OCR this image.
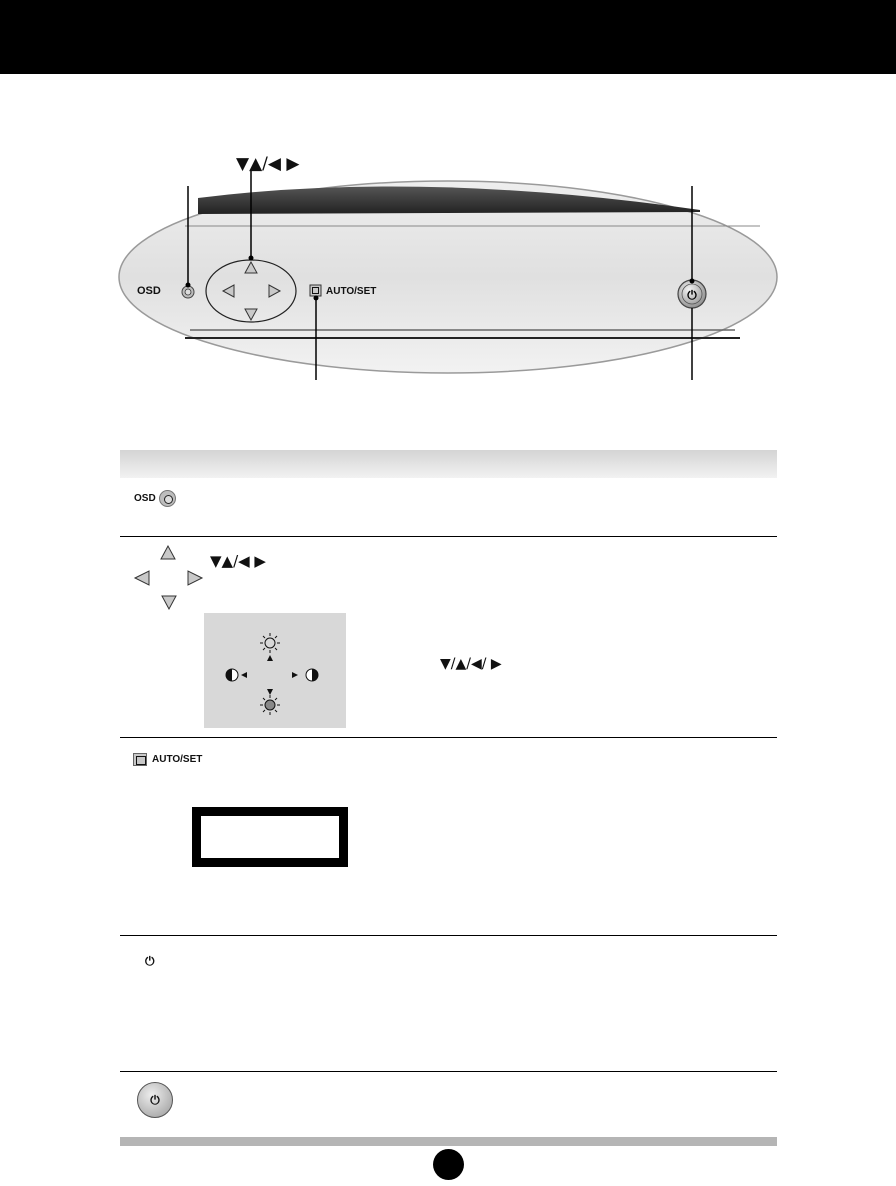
⏻
▼▲/◀ ▶
OSD	AUTO/SET
OSD
▼▲/◀ ▶
▼/▲/◀/ ▶
AUTO/SET
⏻
⏻
